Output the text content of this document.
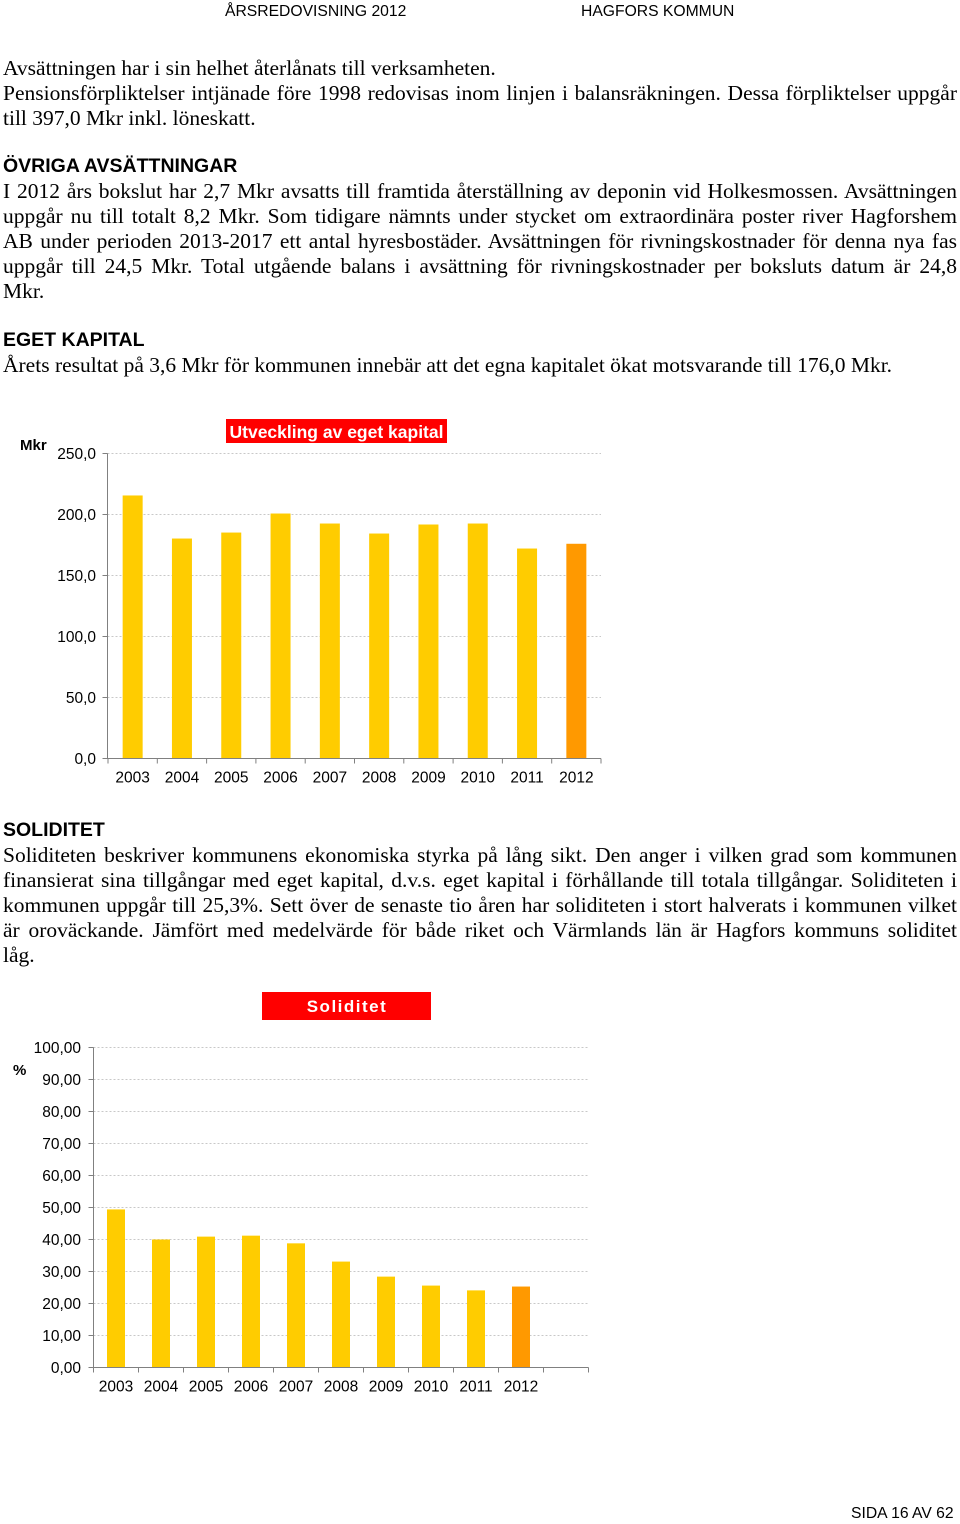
ÅRSREDOVISNING 2012	HAGFORS KOMMUN
Avsättningen har i sin helhet återlånats till verksamheten.
Pensionsförpliktelser intjänade före 1998 redovisas inom linjen i balansräkningen. Dessa förpliktelser uppgår
till 397,0 Mkr inkl. löneskatt.
ÖVRIGA AVSÄTTNINGAR
I 2012 års bokslut har 2,7 Mkr avsatts till framtida återställning av deponin vid Holkesmossen. Avsättningen
uppgår nu till totalt 8,2 Mkr. Som tidigare nämnts under stycket om extraordinära poster river Hagforshem
AB under perioden 2013-2017 ett antal hyresbostäder. Avsättningen för rivningskostnader för denna nya fas
uppgår till 24,5 Mkr. Total utgående balans i avsättning för rivningskostnader per boksluts datum är 24,8
Mkr.
EGET KAPITAL
Årets resultat på 3,6 Mkr för kommunen innebär att det egna kapitalet ökat motsvarande till 176,0 Mkr.
Utveckling av eget kapital
Mkr
0,0
50,0
100,0
150,0
200,0
250,0
2003 2004 2005 2006 2007 2008 2009 2010 2011 2012
SOLIDITET
Soliditeten beskriver kommunens ekonomiska styrka på lång sikt. Den anger i vilken grad som kommunen
finansierat sina tillgångar med eget kapital, d.v.s. eget kapital i förhållande till totala tillgångar. Soliditeten i
kommunen uppgår till 25,3%. Sett över de senaste tio åren har soliditeten i stort halverats i kommunen vilket
är oroväckande. Jämfört med medelvärde för både riket och Värmlands län är Hagfors kommuns soliditet
låg.
Soliditet
%
0,00
10,00
20,00
30,00
40,00
50,00
60,00
70,00
80,00
90,00
100,00
2003 2004 2005 2006 2007 2008 2009 2010 2011 2012
SIDA 16 AV 62
